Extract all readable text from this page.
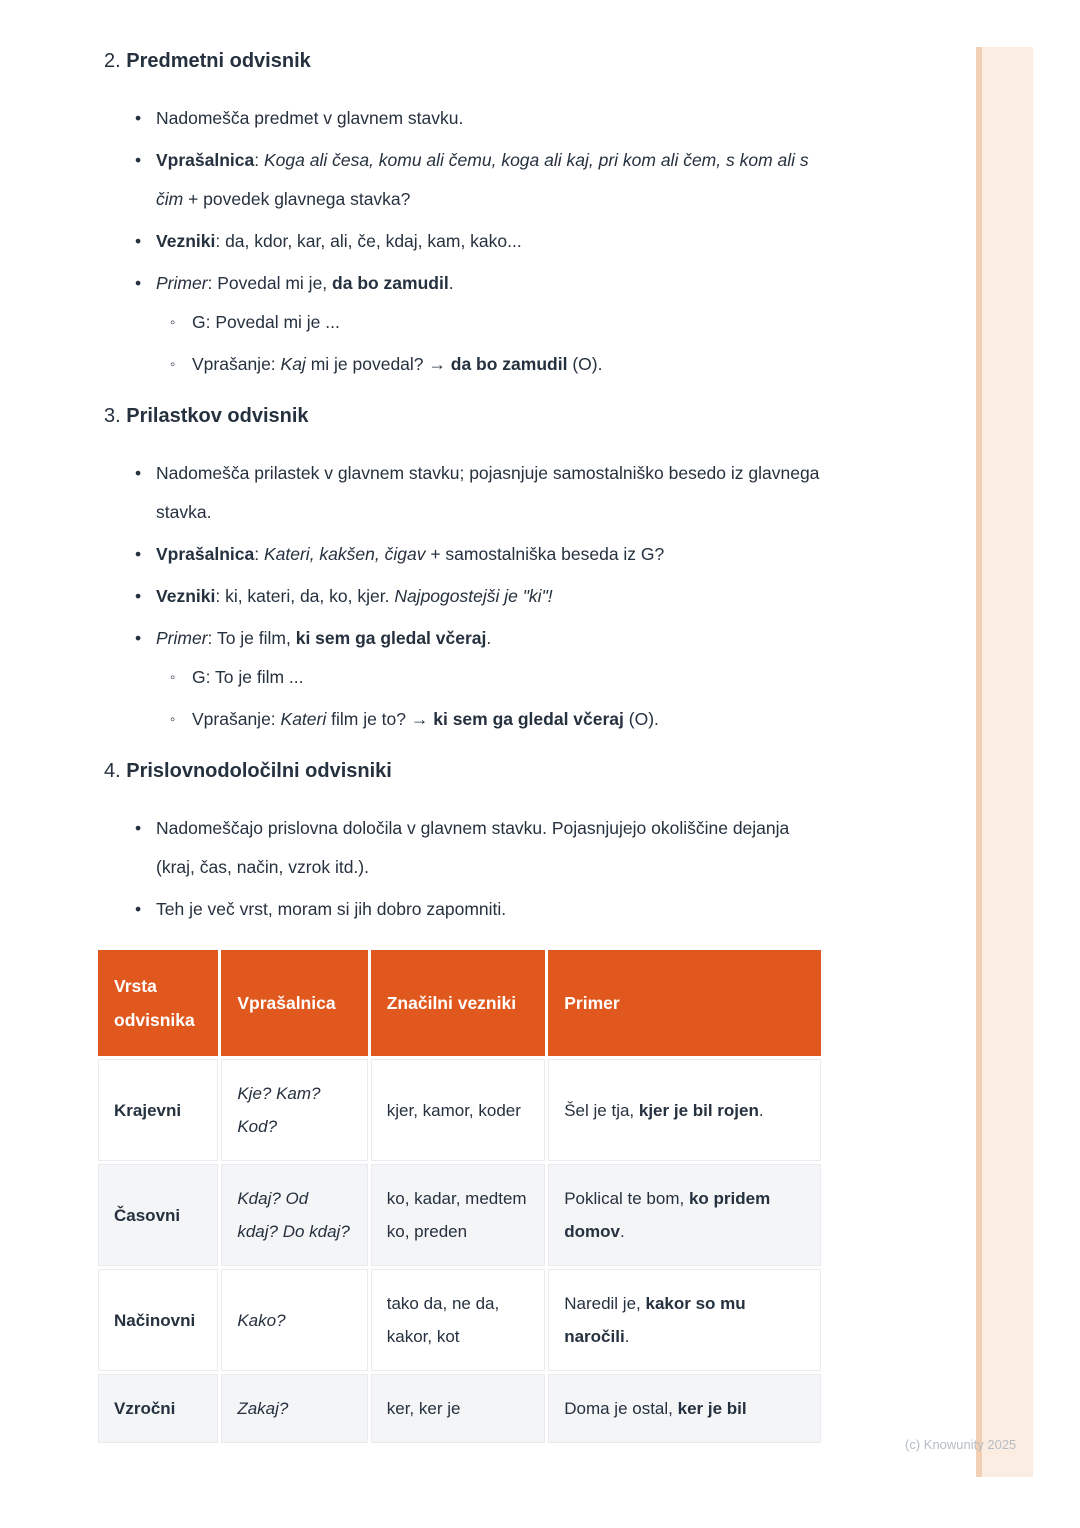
(c) Knowunity 2025
2. Predmetni odvisnik
• Nadomešča predmet v glavnem stavku.
• Vprašalnica: Koga ali česa, komu ali čemu, koga ali kaj, pri kom ali čem, s kom ali s čim + povedek glavnega stavka?
• Vezniki: da, kdor, kar, ali, če, kdaj, kam, kako...
• Primer: Povedal mi je, da bo zamudil.
◦ G: Povedal mi je ...
◦ Vprašanje: Kaj mi je povedal? → da bo zamudil (O).
3. Prilastkov odvisnik
• Nadomešča prilastek v glavnem stavku; pojasnjuje samostalniško besedo iz glavnega stavka.
• Vprašalnica: Kateri, kakšen, čigav + samostalniška beseda iz G?
• Vezniki: ki, kateri, da, ko, kjer. Najpogostejši je "ki"!
• Primer: To je film, ki sem ga gledal včeraj.
◦ G: To je film ...
◦ Vprašanje: Kateri film je to? → ki sem ga gledal včeraj (O).
4. Prislovnodoločilni odvisniki
• Nadomeščajo prislovna določila v glavnem stavku. Pojasnjujejo okoliščine dejanja (kraj, čas, način, vzrok itd.).
• Teh je več vrst, moram si jih dobro zapomniti.
Vrsta odvisnika	Vprašalnica	Značilni vezniki	Primer
Krajevni	Kje? Kam? Kod?	kjer, kamor, koder	Šel je tja, kjer je bil rojen.
Časovni	Kdaj? Od kdaj? Do kdaj?	ko, kadar, medtem ko, preden	Poklical te bom, ko pridem domov.
Načinovni	Kako?	tako da, ne da, kakor, kot	Naredil je, kakor so mu naročili.
Vzročni	Zakaj?	ker, ker je	Doma je ostal, ker je bil
